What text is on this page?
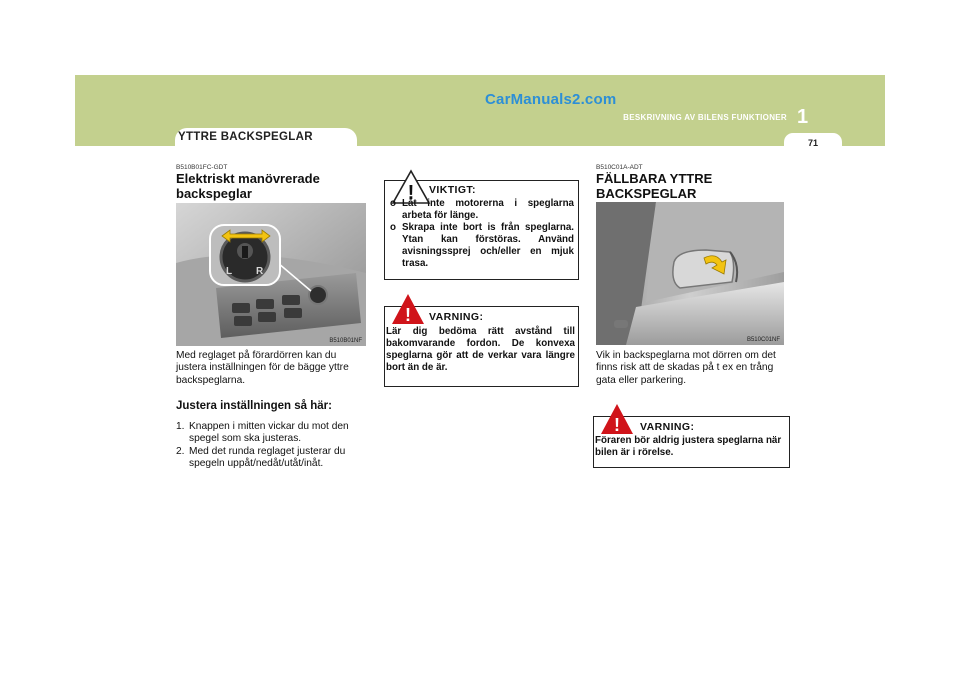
CarManuals2.com
BESKRIVNING AV BILENS FUNKTIONER 1
71
YTTRE BACKSPEGLAR
B510B01FC-GDT
Elektriskt manövrerade backspeglar
L R
B510B01NF
Med reglaget på förardörren kan du justera inställningen för de bägge yttre backspeglarna.
Justera inställningen så här:
1. Knappen i mitten vickar du mot den spegel som ska justeras.
2. Med det runda reglaget justerar du spegeln uppåt/nedåt/utåt/inåt.
! VIKTIGT:
o Låt inte motorerna i speglarna arbeta för länge.
o Skrapa inte bort is från speglarna. Ytan kan förstöras. Använd avisningssprej och/eller en mjuk trasa.
! VARNING:
Lär dig bedöma rätt avstånd till bakomvarande fordon. De konvexa speglarna gör att de verkar vara längre bort än de är.
B510C01A-ADT
FÄLLBARA YTTRE BACKSPEGLAR
B510C01NF
Vik in backspeglarna mot dörren om det finns risk att de skadas på t ex en trång gata eller parkering.
! VARNING:
Föraren bör aldrig justera speglarna när bilen är i rörelse.
